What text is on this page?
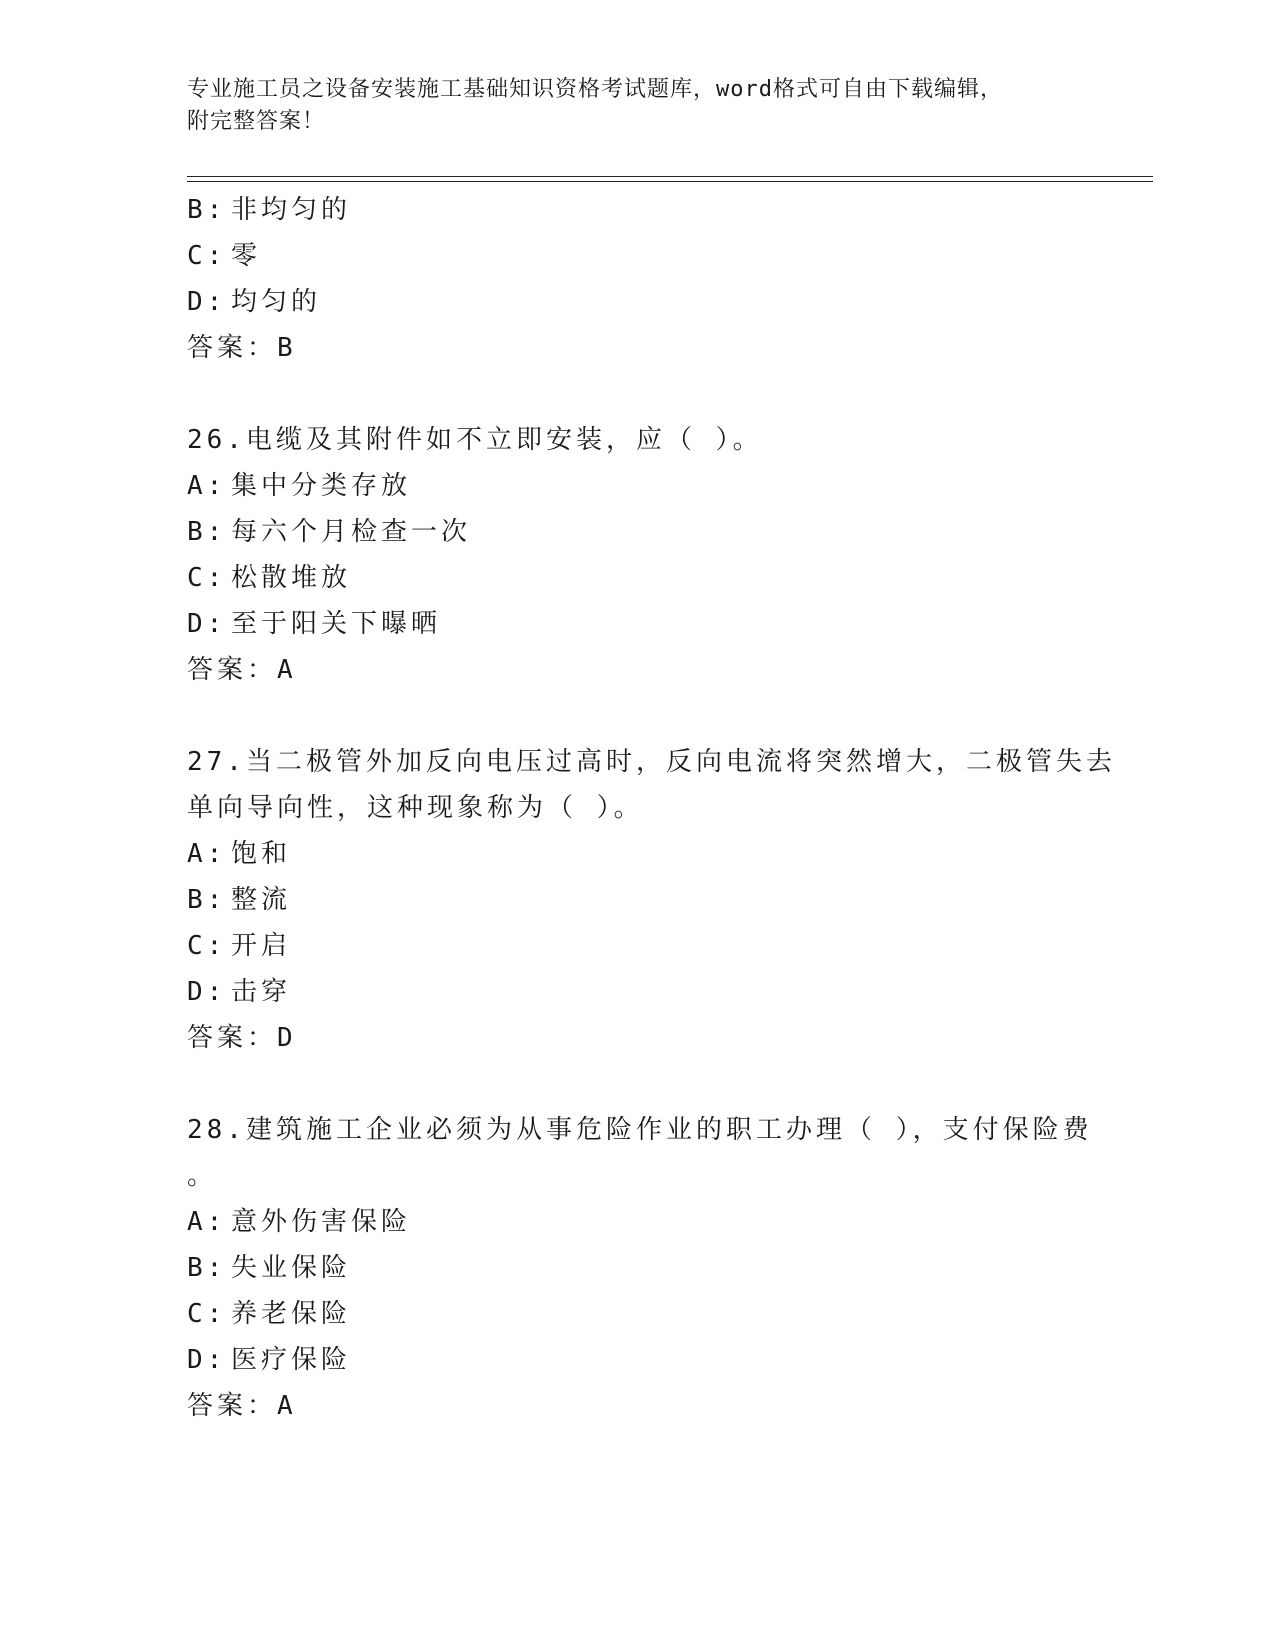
专业施工员之设备安装施工基础知识资格考试题库，word格式可自由下载编辑，
附完整答案！
B: 非均匀的
C: 零
D: 均匀的
答案：B
26.电缆及其附件如不立即安装，应（ ）。
A: 集中分类存放
B: 每六个月检查一次
C: 松散堆放
D: 至于阳关下曝晒
答案：A
27.当二极管外加反向电压过高时，反向电流将突然增大，二极管失去
单向导向性，这种现象称为（ ）。
A: 饱和
B: 整流
C: 开启
D: 击穿
答案：D
28.建筑施工企业必须为从事危险作业的职工办理（ ），支付保险费
。
A: 意外伤害保险
B: 失业保险
C: 养老保险
D: 医疗保险
答案：A
